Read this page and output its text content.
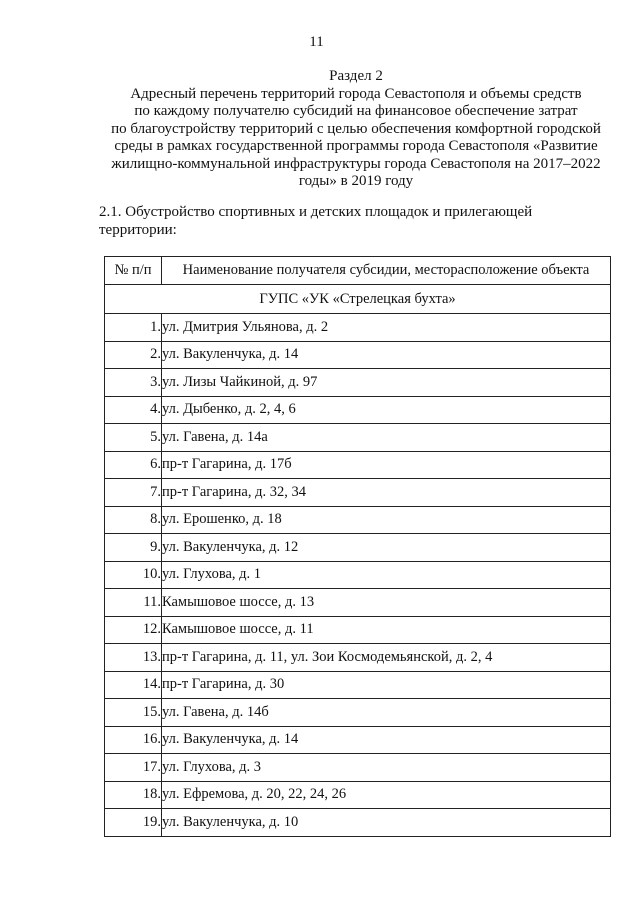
11
Раздел 2
Адресный перечень территорий города Севастополя и объемы средств
по каждому получателю субсидий на финансовое обеспечение затрат
по благоустройству территорий с целью обеспечения комфортной городской
среды в рамках государственной программы города Севастополя «Развитие
жилищно-коммунальной инфраструктуры города Севастополя на 2017–2022
годы» в 2019 году
2.1. Обустройство спортивных и детских площадок и прилегающей
территории:
№ п/п	Наименование получателя субсидии, месторасположение объекта
ГУПС «УК «Стрелецкая бухта»	
1.	ул. Дмитрия Ульянова, д. 2
2.	ул. Вакуленчука, д. 14
3.	ул. Лизы Чайкиной, д. 97
4.	ул. Дыбенко, д. 2, 4, 6
5.	ул. Гавена, д. 14а
6.	пр-т Гагарина, д. 17б
7.	пр-т Гагарина, д. 32, 34
8.	ул. Ерошенко, д. 18
9.	ул. Вакуленчука, д. 12
10.	ул. Глухова, д. 1
11.	Камышовое шоссе, д. 13
12.	Камышовое шоссе, д. 11
13.	пр-т Гагарина, д. 11, ул. Зои Космодемьянской, д. 2, 4
14.	пр-т Гагарина, д. 30
15.	ул. Гавена, д. 14б
16.	ул. Вакуленчука, д. 14
17.	ул. Глухова, д. 3
18.	ул. Ефремова, д. 20, 22, 24, 26
19.	ул. Вакуленчука, д. 10
